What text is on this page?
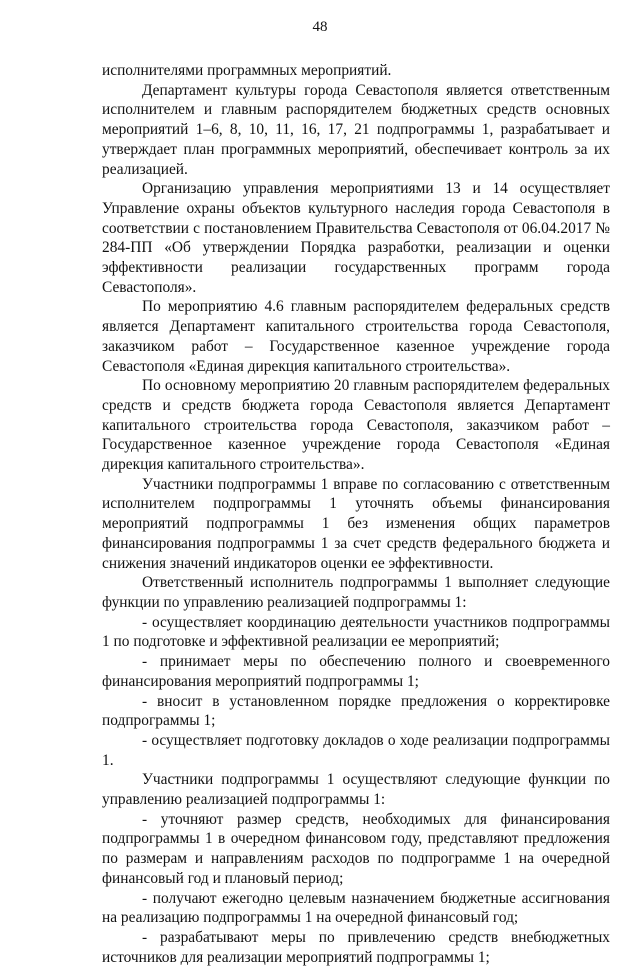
48

исполнителями программных мероприятий.

Департамент культуры города Севастополя является ответственным исполнителем и главным распорядителем бюджетных средств основных мероприятий 1–6, 8, 10, 11, 16, 17, 21 подпрограммы 1, разрабатывает и утверждает план программных мероприятий, обеспечивает контроль за их реализацией.

Организацию управления мероприятиями 13 и 14 осуществляет Управление охраны объектов культурного наследия города Севастополя в соответствии с постановлением Правительства Севастополя от 06.04.2017 № 284-ПП «Об утверждении Порядка разработки, реализации и оценки эффективности реализации государственных программ города Севастополя».

По мероприятию 4.6 главным распорядителем федеральных средств является Департамент капитального строительства города Севастополя, заказчиком работ – Государственное казенное учреждение города Севастополя «Единая дирекция капитального строительства».

По основному мероприятию 20 главным распорядителем федеральных средств и средств бюджета города Севастополя является Департамент капитального строительства города Севастополя, заказчиком работ – Государственное казенное учреждение города Севастополя «Единая дирекция капитального строительства».

Участники подпрограммы 1 вправе по согласованию с ответственным исполнителем подпрограммы 1 уточнять объемы финансирования мероприятий подпрограммы 1 без изменения общих параметров финансирования подпрограммы 1 за счет средств федерального бюджета и снижения значений индикаторов оценки ее эффективности.

Ответственный исполнитель подпрограммы 1 выполняет следующие функции по управлению реализацией подпрограммы 1:

- осуществляет координацию деятельности участников подпрограммы 1 по подготовке и эффективной реализации ее мероприятий;

- принимает меры по обеспечению полного и своевременного финансирования мероприятий подпрограммы 1;

- вносит в установленном порядке предложения о корректировке подпрограммы 1;

- осуществляет подготовку докладов о ходе реализации подпрограммы 1.

Участники подпрограммы 1 осуществляют следующие функции по управлению реализацией подпрограммы 1:

- уточняют размер средств, необходимых для финансирования подпрограммы 1 в очередном финансовом году, представляют предложения по размерам и направлениям расходов по подпрограмме 1 на очередной финансовый год и плановый период;

- получают ежегодно целевым назначением бюджетные ассигнования на реализацию подпрограммы 1 на очередной финансовый год;

- разрабатывают меры по привлечению средств внебюджетных источников для реализации мероприятий подпрограммы 1;
